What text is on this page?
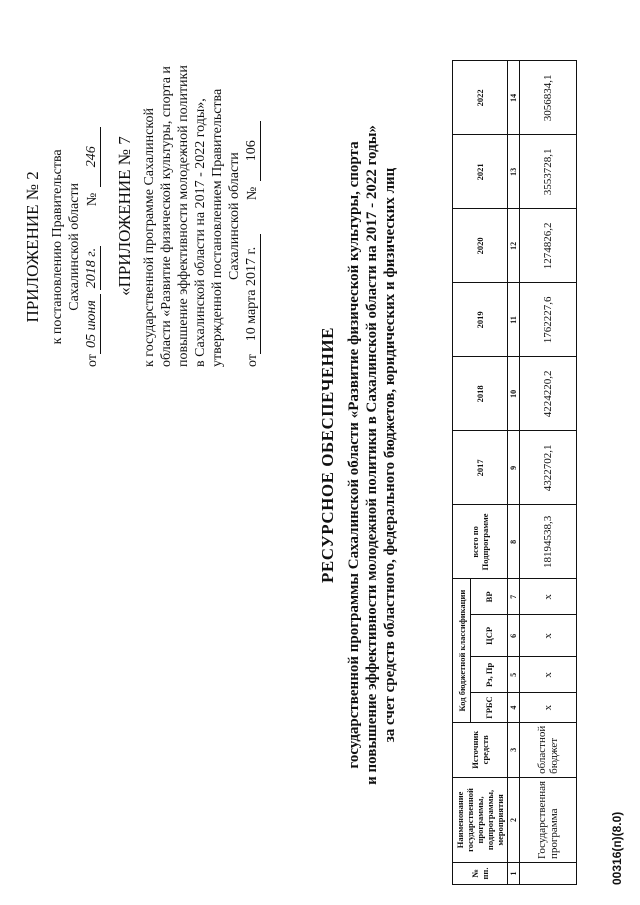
ПРИЛОЖЕНИЕ № 2 к постановлению Правительства Сахалинской области
от
05 июня
2018 г.
№
246 «ПРИЛОЖЕНИЕ № 7 к государственной программе Сахалинской области «Развитие физической культуры, спорта и повышение эффективности молодежной политики в Сахалинской области на 2017 - 2022 годы», утвержденной постановлением Правительства Сахалинской области
от
10 марта 2017 г.
№
106
РЕСУРСНОЕ ОБЕСПЕЧЕНИЕ государственной программы Сахалинской области «Развитие физической культуры, спорта и повышение эффективности молодежной политики в Сахалинской области на 2017 - 2022 годы» за счет средств областного, федерального бюджетов, юридических и физических лиц
№ пп.	Наименование государственной программы, подпрограммы, мероприятия	Источник средств	Код бюджетной классификации				всего по Подпрограмме	2017	2018	2019	2020	2021	2022
			ГРБС	Рз, Пр	ЦСР	ВР							
1	2	3	4	5	6	7	8	9	10	11	12	13	14
	Государственная программа	областной бюджет	х	х	х	х	18194538,3	4322702,1	4224220,2	1762227,6	1274826,2	3553728,1	3056834,1
00316(п)(8.0)
